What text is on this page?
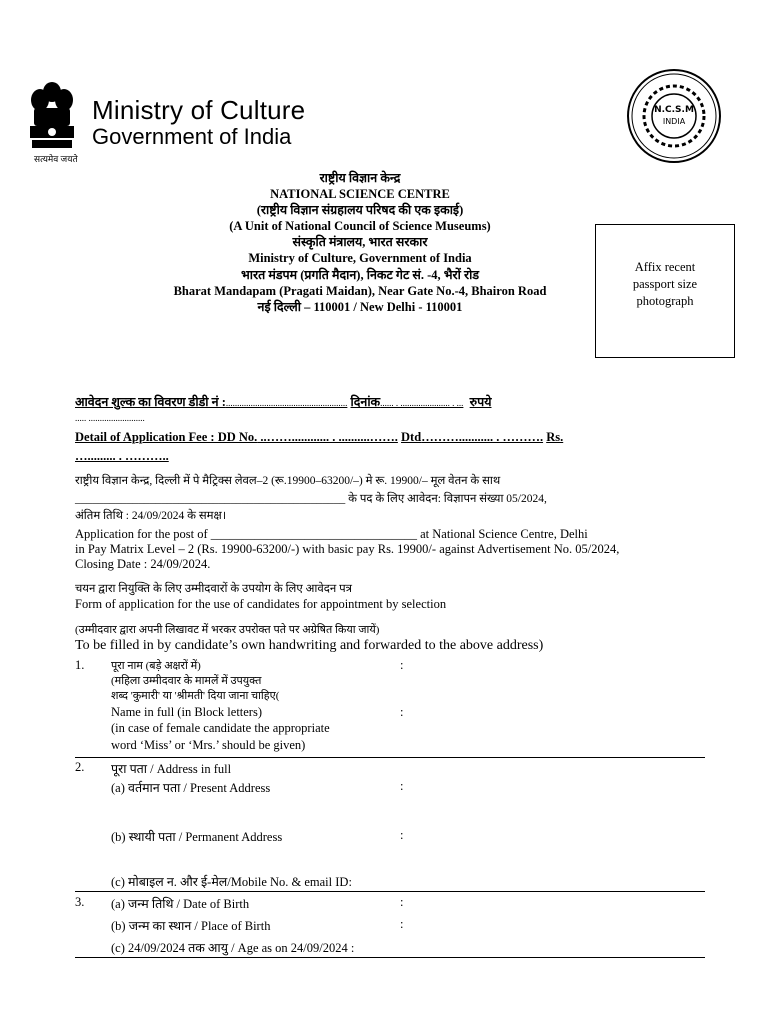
Ministry of Culture
Government of India
सत्यमेव जयते
N.C.S.M
INDIA
राष्ट्रीय विज्ञान केन्द्र
NATIONAL SCIENCE CENTRE
(राष्ट्रीय विज्ञान संग्रहालय परिषद की एक इकाई)
(A Unit of National Council of Science Museums)
संस्कृति मंत्रालय, भारत सरकार
Ministry of Culture, Government of India
भारत मंडपम (प्रगति मैदान), निकट गेट सं. -4, भैरों रोड
Bharat Mandapam (Pragati Maidan), Near Gate No.-4, Bhairon Road
नई दिल्ली – 110001 / New Delhi - 110001
Affix recent passport size photograph
आवेदन शुल्क का विवरण डीडी नं :...................................................... दिनांक...... . ...................... . ... रुपये
..... .........................
Detail of Application Fee : DD No. ..……............ . ..........……. Dtd………........... . ………. Rs.
…......... . ………..
राष्ट्रीय विज्ञान केन्द्र, दिल्ली में पे मैट्रिक्स लेवल–2 (रू.19900–63200/–) मे रू. 19900/– मूल वेतन के साथ
_______________________________________________ के पद के लिए आवेदन: विज्ञापन संख्या 05/2024,
अंतिम तिथि : 24/09/2024 के समक्ष।
Application for the post of _________________________________ at National Science Centre, Delhi
in Pay Matrix Level – 2 (Rs. 19900-63200/-) with basic pay Rs. 19900/- against Advertisement No. 05/2024,
Closing Date : 24/09/2024.
चयन द्वारा नियुक्ति के लिए उम्मीदवारों के उपयोग के लिए आवेदन पत्र
Form of application for the use of candidates for appointment by selection
(उम्मीदवार द्वारा अपनी लिखावट में भरकर उपरोक्त पते पर अग्रेषित किया जायें)
To be filled in by candidate’s own handwriting and forwarded to the above address)
1. पूरा नाम (बड़े अक्षरों में)	:
(महिला उम्मीदवार के मामलें में उपयुक्त
शब्द 'कुमारी' या 'श्रीमती' दिया जाना चाहिए(
Name in full (in Block letters)	:
(in case of female candidate the appropriate
word ‘Miss’ or ‘Mrs.’ should be given)
2. पूरा पता / Address in full
(a) वर्तमान पता / Present Address	:
(b) स्थायी पता / Permanent Address	:
(c) मोबाइल न. और ई-मेल/Mobile No. & email ID:
3. (a) जन्म तिथि / Date of Birth	:
(b) जन्म का स्थान / Place of Birth	:
(c) 24/09/2024 तक आयु / Age as on 24/09/2024 :
